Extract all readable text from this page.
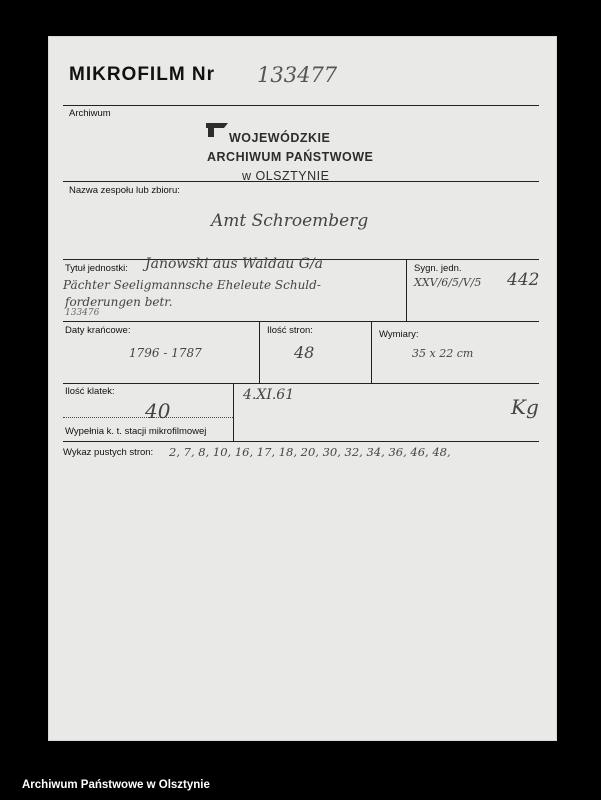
MIKROFILM Nr 133477
Archiwum
WOJEWÓDZKIE
ARCHIWUM PAŃSTWOWE
w OLSZTYNIE
Nazwa zespołu lub zbioru:
Amt Schroemberg
Tytuł jednostki: Janowski aus Waldau G/a
Pächter Seeligmannsche Eheleute Schuld-
forderungen betr.
133476
Sygn. jedn.
XXV/6/5/V/5 442
Daty krańcowe:
1796 - 1787
Ilość stron:
48
Wymiary:
35 x 22 cm
Ilość klatek:
40
4.XI.61	Kg
Wypełnia k. t. stacji mikrofilmowej
Wykaz pustych stron: 2, 7, 8, 10, 16, 17, 18, 20, 30, 32, 34, 36, 46, 48,
Archiwum Państwowe w Olsztynie
